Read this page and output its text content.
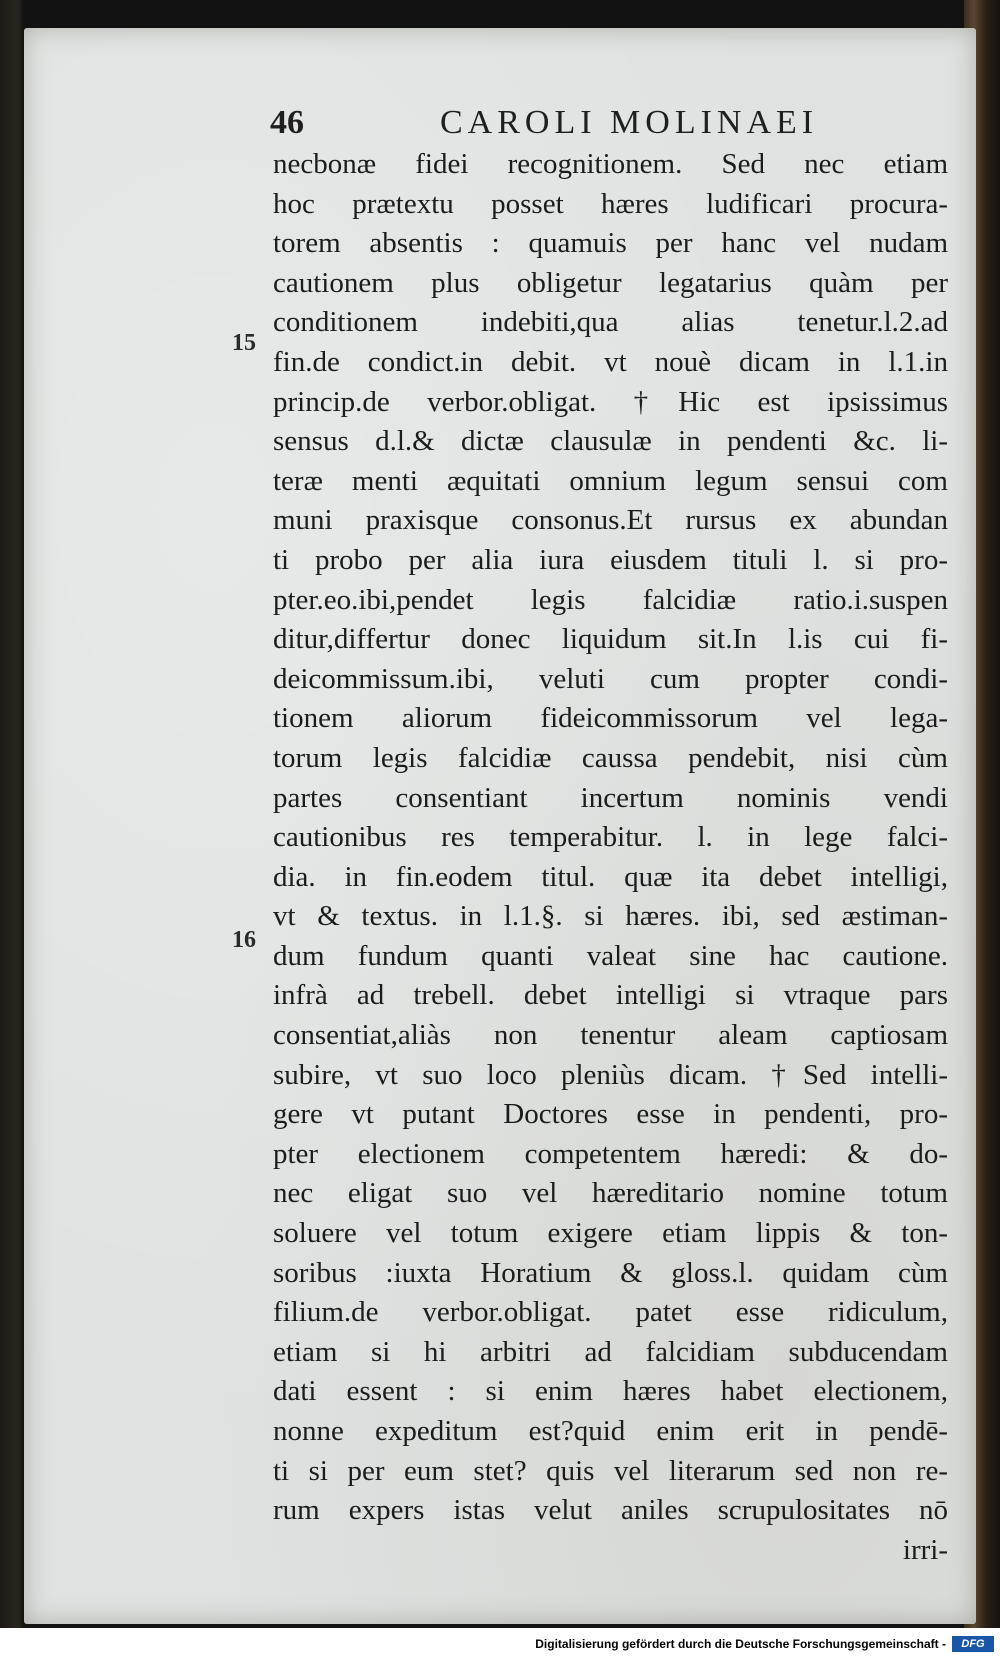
46	CAROLI MOLINAEI
15
16
necbonæ fidei recognitionem. Sed nec etiam
hoc prætextu posset hæres ludificari procura-
torem absentis : quamuis per hanc vel nudam
cautionem plus obligetur legatarius quàm per
conditionem indebiti,qua alias tenetur.l.2.ad
fin.de condict.in debit. vt nouè dicam in l.1.in
princip.de verbor.obligat. †Hic est ipsissimus
sensus d.l.& dictæ clausulæ in pendenti &c. li-
teræ menti æquitati omnium legum sensui com
muni praxisque consonus.Et rursus ex abundan
ti probo per alia iura eiusdem tituli l. si pro-
pter.eo.ibi,pendet legis falcidiæ ratio.i.suspen
ditur,differtur donec liquidum sit.In l.is cui fi-
deicommissum.ibi, veluti cum propter condi-
tionem aliorum fideicommissorum vel lega-
torum legis falcidiæ caussa pendebit, nisi cùm
partes consentiant incertum nominis vendi
cautionibus res temperabitur. l. in lege falci-
dia. in fin.eodem titul. quæ ita debet intelligi,
vt & textus. in l.1.§. si hæres. ibi, sed æstiman-
dum fundum quanti valeat sine hac cautione.
infrà ad trebell. debet intelligi si vtraque pars
consentiat,aliàs non tenentur aleam captiosam
subire, vt suo loco pleniùs dicam. †Sed intelli-
gere vt putant Doctores esse in pendenti, pro-
pter electionem competentem hæredi: & do-
nec eligat suo vel hæreditario nomine totum
soluere vel totum exigere etiam lippis & ton-
soribus :iuxta Horatium & gloss.l. quidam cùm
filium.de verbor.obligat. patet esse ridiculum,
etiam si hi arbitri ad falcidiam subducendam
dati essent : si enim hæres habet electionem,
nonne expeditum est?quid enim erit in pendē-
ti si per eum stet? quis vel literarum sed non re-
rum expers istas velut aniles scrupulositates nō
irri-
Digitalisierung gefördert durch die Deutsche Forschungsgemeinschaft -	DFG
